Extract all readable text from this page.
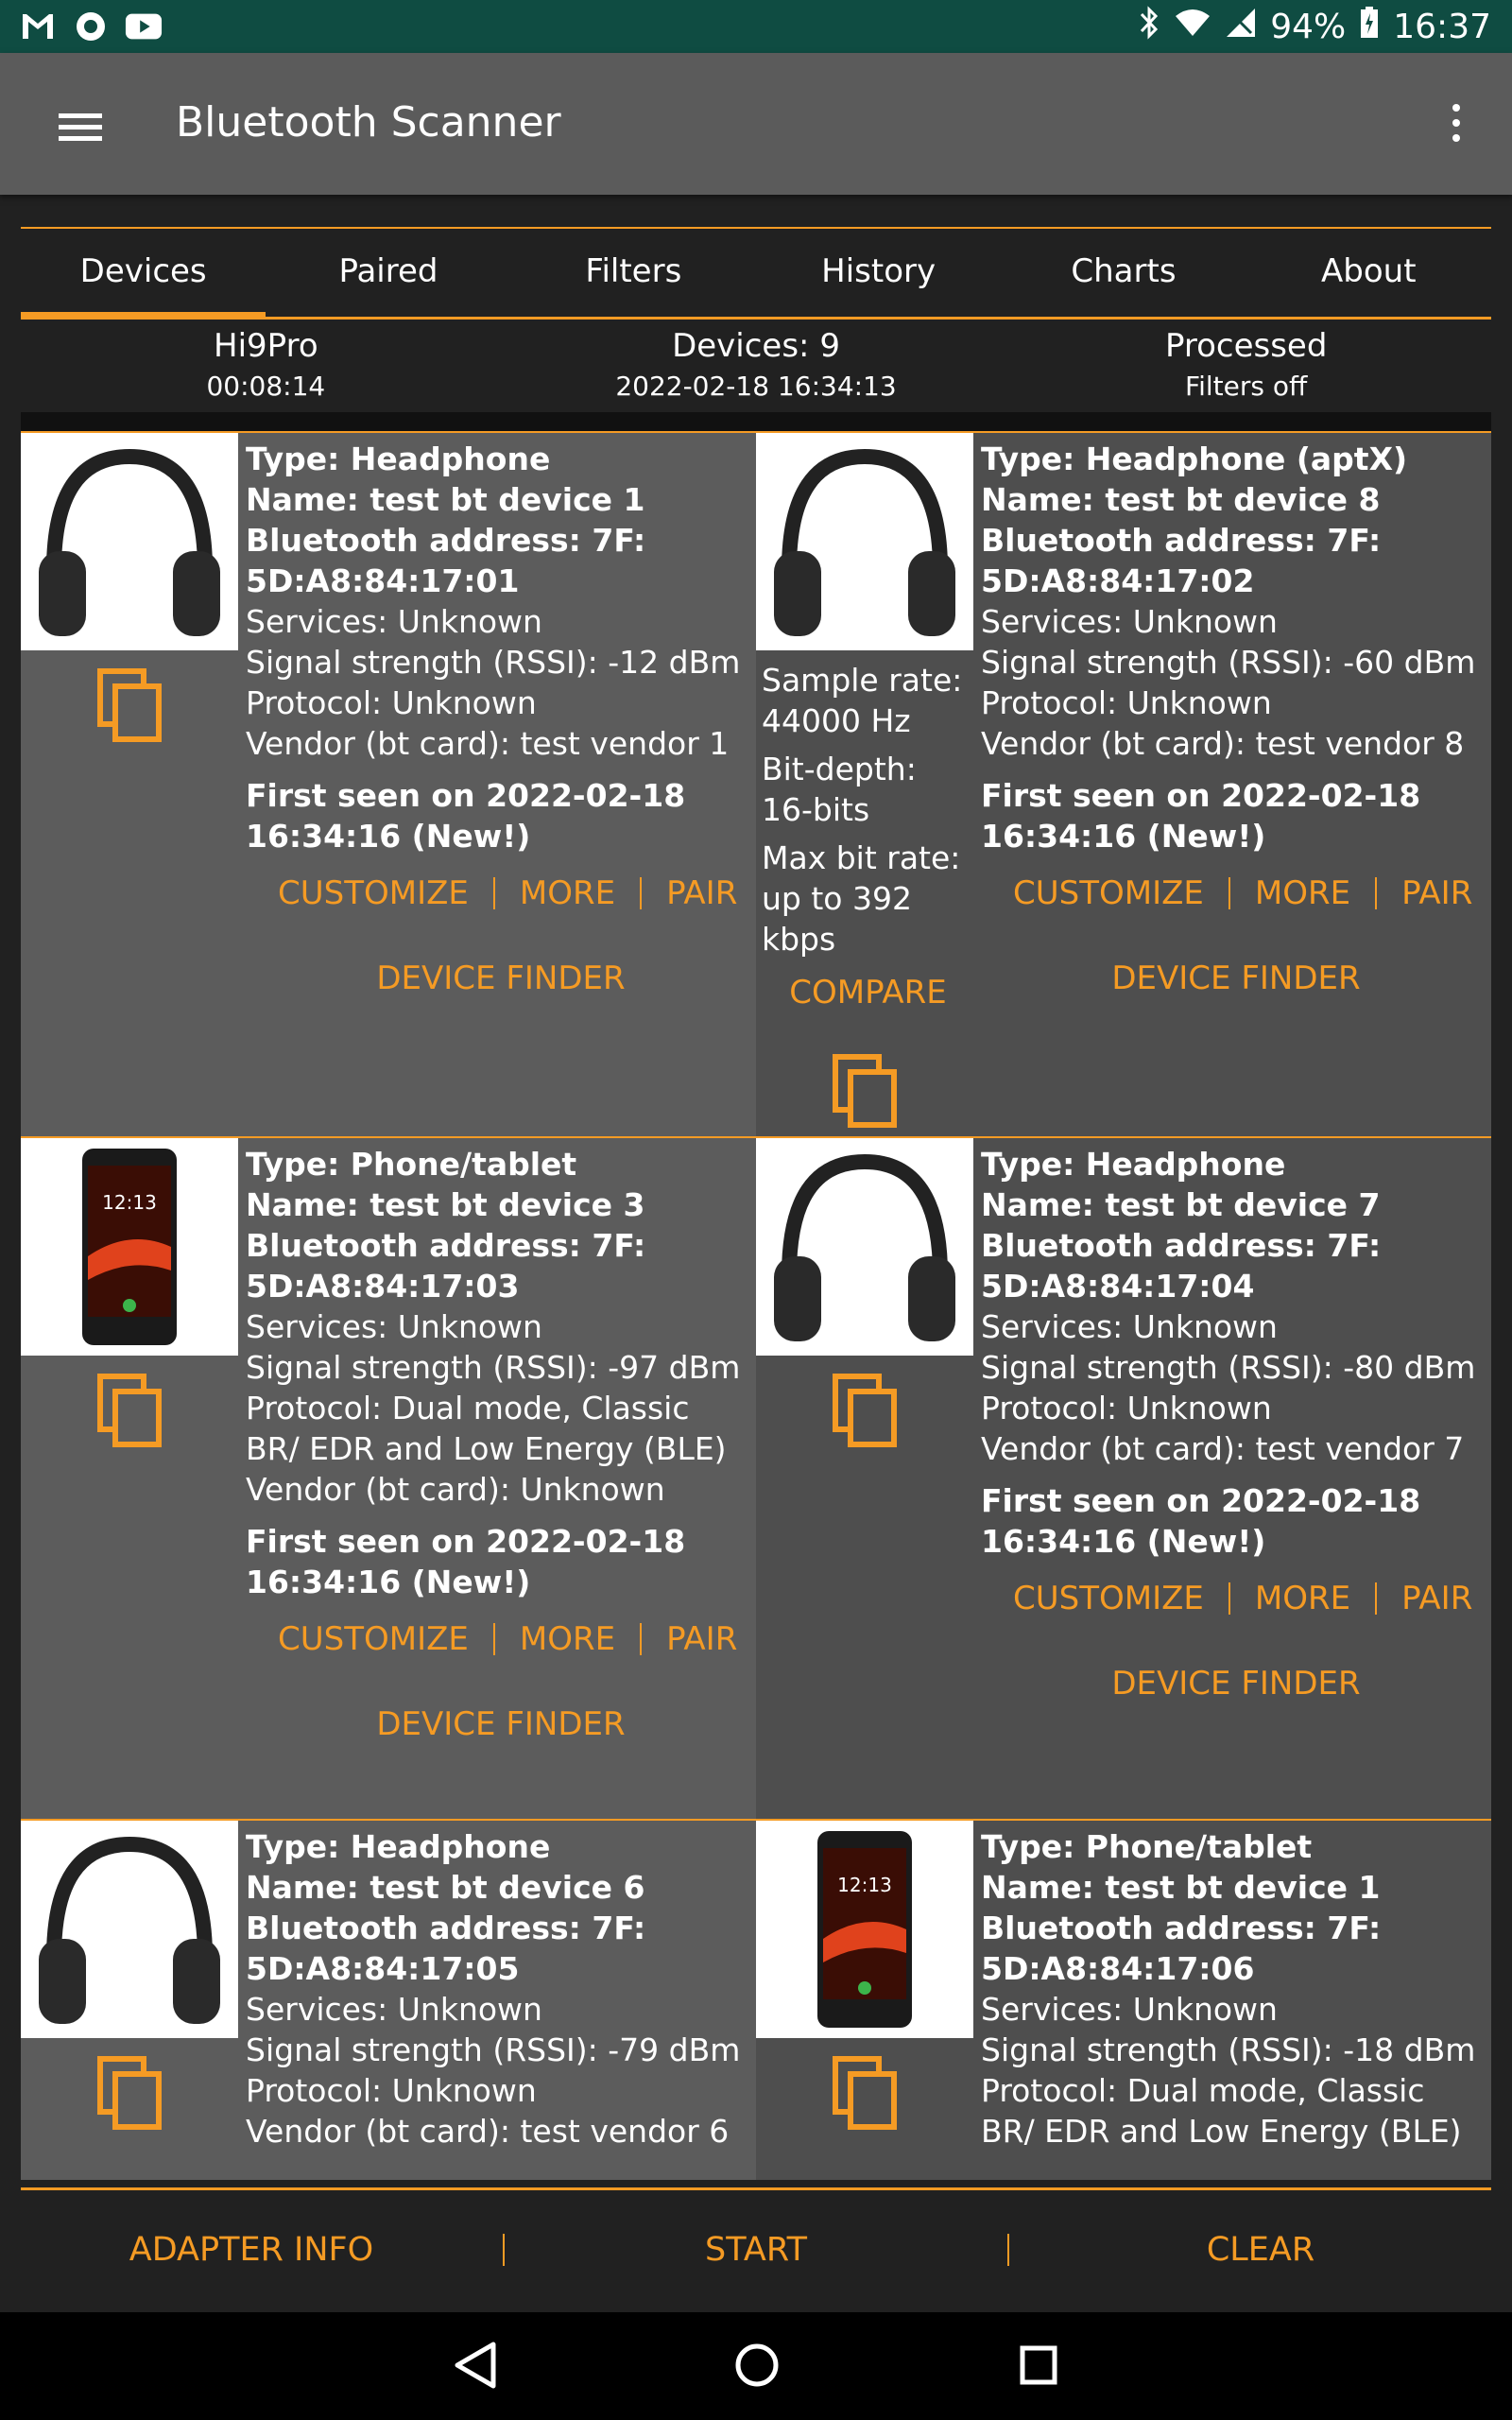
94% 16:37
Bluetooth Scanner
Devices	Paired	Filters	History	Charts	About
Hi9Pro
00:08:14
Devices: 9
2022-02-18 16:34:13
Processed
Filters off
Type: Headphone
Name: test bt device 1
Bluetooth address: 7F: 5D:A8:84:17:01
Services: Unknown
Signal strength (RSSI): -12 dBm
Protocol: Unknown
Vendor (bt card): test vendor 1
First seen on 2022-02-18 16:34:16 (New!)
CUSTOMIZE	MORE	PAIR
DEVICE FINDER
Sample rate: 44000 Hz
Bit-depth: 16-bits
Max bit rate: up to 392 kbps
COMPARE
Type: Headphone (aptX)
Name: test bt device 8
Bluetooth address: 7F: 5D:A8:84:17:02
Services: Unknown
Signal strength (RSSI): -60 dBm
Protocol: Unknown
Vendor (bt card): test vendor 8
First seen on 2022-02-18 16:34:16 (New!)
CUSTOMIZE	MORE	PAIR
DEVICE FINDER
12:13
Type: Phone/tablet
Name: test bt device 3
Bluetooth address: 7F: 5D:A8:84:17:03
Services: Unknown
Signal strength (RSSI): -97 dBm
Protocol: Dual mode, Classic BR/ EDR and Low Energy (BLE)
Vendor (bt card): Unknown
First seen on 2022-02-18 16:34:16 (New!)
CUSTOMIZE	MORE	PAIR
DEVICE FINDER
Type: Headphone
Name: test bt device 7
Bluetooth address: 7F: 5D:A8:84:17:04
Services: Unknown
Signal strength (RSSI): -80 dBm
Protocol: Unknown
Vendor (bt card): test vendor 7
First seen on 2022-02-18 16:34:16 (New!)
CUSTOMIZE	MORE	PAIR
DEVICE FINDER
Type: Headphone
Name: test bt device 6
Bluetooth address: 7F: 5D:A8:84:17:05
Services: Unknown
Signal strength (RSSI): -79 dBm
Protocol: Unknown
Vendor (bt card): test vendor 6
12:13
Type: Phone/tablet
Name: test bt device 1
Bluetooth address: 7F: 5D:A8:84:17:06
Services: Unknown
Signal strength (RSSI): -18 dBm
Protocol: Dual mode, Classic BR/ EDR and Low Energy (BLE)
ADAPTER INFO	START	CLEAR
